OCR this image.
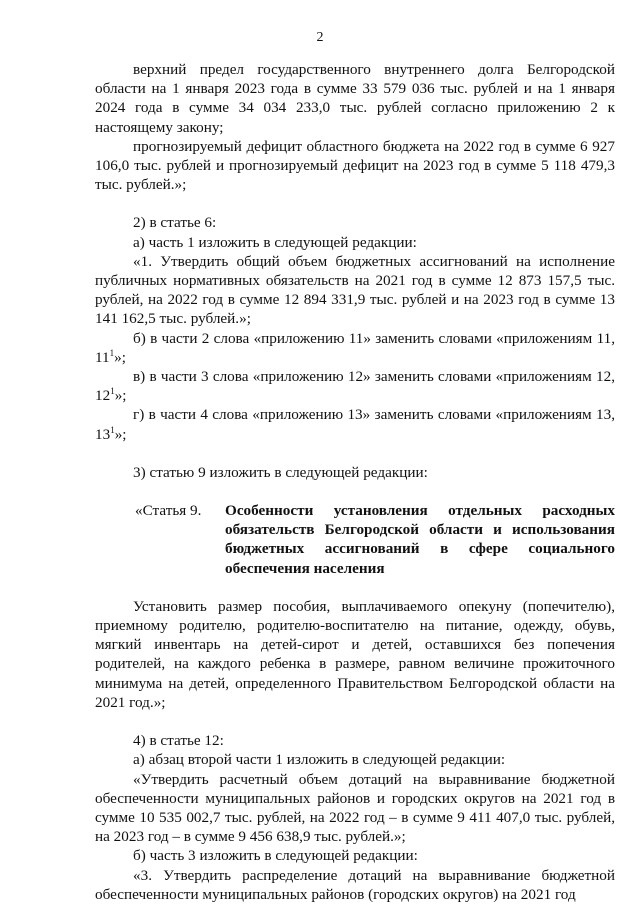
2

верхний предел государственного внутреннего долга Белгородской области на 1 января 2023 года в сумме 33 579 036 тыс. рублей и на 1 января 2024 года в сумме 34 034 233,0 тыс. рублей согласно приложению 2 к настоящему закону;

прогнозируемый дефицит областного бюджета на 2022 год в сумме 6 927 106,0 тыс. рублей и прогнозируемый дефицит на 2023 год в сумме 5 118 479,3 тыс. рублей.»;

2) в статье 6:

а) часть 1 изложить в следующей редакции:

«1. Утвердить общий объем бюджетных ассигнований на исполнение публичных нормативных обязательств на 2021 год в сумме 12 873 157,5 тыс. рублей, на 2022 год в сумме 12 894 331,9 тыс. рублей и на 2023 год в сумме 13 141 162,5 тыс. рублей.»;

б) в части 2 слова «приложению 11» заменить словами «приложениям 11, $11^1$»;

в) в части 3 слова «приложению 12» заменить словами «приложениям 12, $12^1$»;

г) в части 4 слова «приложению 13» заменить словами «приложениям 13, $13^1$»;

3) статью 9 изложить в следующей редакции:

«Статья 9.	Особенности установления отдельных расходных обязательств Белгородской области и использования бюджетных ассигнований в сфере социального обеспечения населения

Установить размер пособия, выплачиваемого опекуну (попечителю), приемному родителю, родителю-воспитателю на питание, одежду, обувь, мягкий инвентарь на детей-сирот и детей, оставшихся без попечения родителей, на каждого ребенка в размере, равном величине прожиточного минимума на детей, определенного Правительством Белгородской области на 2021 год.»;

4) в статье 12:

а) абзац второй части 1 изложить в следующей редакции:

«Утвердить расчетный объем дотаций на выравнивание бюджетной обеспеченности муниципальных районов и городских округов на 2021 год в сумме 10 535 002,7 тыс. рублей, на 2022 год – в сумме 9 411 407,0 тыс. рублей, на 2023 год – в сумме 9 456 638,9 тыс. рублей.»;

б) часть 3 изложить в следующей редакции:

«3. Утвердить распределение дотаций на выравнивание бюджетной обеспеченности муниципальных районов (городских округов) на 2021 год
